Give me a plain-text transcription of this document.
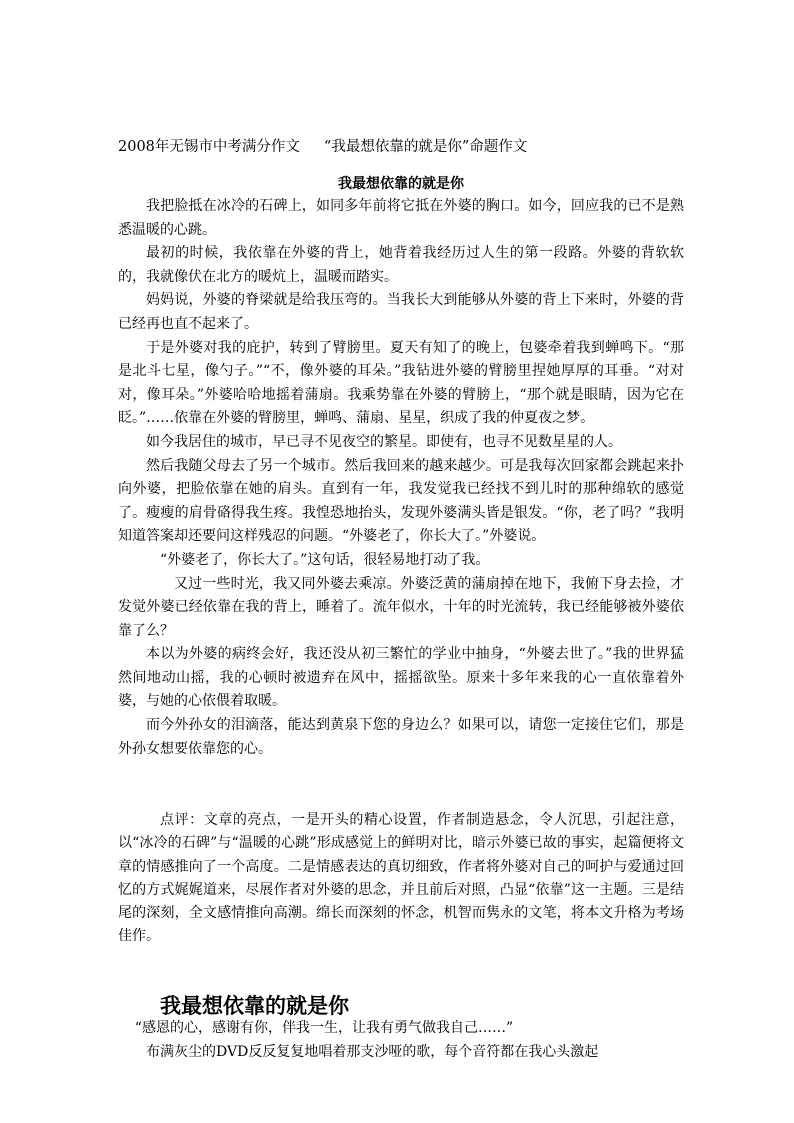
2008年无锡市中考满分作文 “我最想依靠的就是你”命题作文

我最想依靠的就是你

我把脸抵在冰冷的石碑上，如同多年前将它抵在外婆的胸口。如今，回应我的已不是熟悉温暖的心跳。

最初的时候，我依靠在外婆的背上，她背着我经历过人生的第一段路。外婆的背软软的，我就像伏在北方的暖炕上，温暖而踏实。

妈妈说，外婆的脊梁就是给我压弯的。当我长大到能够从外婆的背上下来时，外婆的背已经再也直不起来了。

于是外婆对我的庇护，转到了臂膀里。夏天有知了的晚上，包婆牵着我到蝉鸣下。“那是北斗七星，像勺子。”“不，像外婆的耳朵。”我钻进外婆的臂膀里捏她厚厚的耳垂。“对对对，像耳朵。”外婆哈哈地摇着蒲扇。我乘势靠在外婆的臂膀上，“那个就是眼睛，因为它在眨。”……依靠在外婆的臂膀里，蝉鸣、蒲扇、星星，织成了我的仲夏夜之梦。

如今我居住的城市，早已寻不见夜空的繁星。即使有，也寻不见数星星的人。

然后我随父母去了另一个城市。然后我回来的越来越少。可是我每次回家都会跳起来扑向外婆，把脸依靠在她的肩头。直到有一年，我发觉我已经找不到儿时的那种绵软的感觉了。瘦瘦的肩骨硌得我生疼。我惶恐地抬头，发现外婆满头皆是银发。“你，老了吗？”我明知道答案却还要问这样残忍的问题。“外婆老了，你长大了。”外婆说。

“外婆老了，你长大了。”这句话，很轻易地打动了我。

又过一些时光，我又同外婆去乘凉。外婆泛黄的蒲扇掉在地下，我俯下身去捡，才发觉外婆已经依靠在我的背上，睡着了。流年似水，十年的时光流转，我已经能够被外婆依靠了么？

本以为外婆的病终会好，我还没从初三繁忙的学业中抽身，“外婆去世了。”我的世界猛然间地动山摇，我的心顿时被遗弃在风中，摇摇欲坠。原来十多年来我的心一直依靠着外婆，与她的心依偎着取暖。

而今外孙女的泪滴落，能达到黄泉下您的身边么？如果可以，请您一定接住它们，那是外孙女想要依靠您的心。

点评：文章的亮点，一是开头的精心设置，作者制造悬念，令人沉思，引起注意，以“冰冷的石碑”与“温暖的心跳”形成感觉上的鲜明对比，暗示外婆已故的事实，起篇便将文章的情感推向了一个高度。二是情感表达的真切细致，作者将外婆对自己的呵护与爱通过回忆的方式娓娓道来，尽展作者对外婆的思念，并且前后对照，凸显“依靠”这一主题。三是结尾的深刻，全文感情推向高潮。绵长而深刻的怀念，机智而隽永的文笔，将本文升格为考场佳作。

我最想依靠的就是你

“感恩的心，感谢有你，伴我一生，让我有勇气做我自己……”

布满灰尘的DVD反反复复地唱着那支沙哑的歌，每个音符都在我心头激起
